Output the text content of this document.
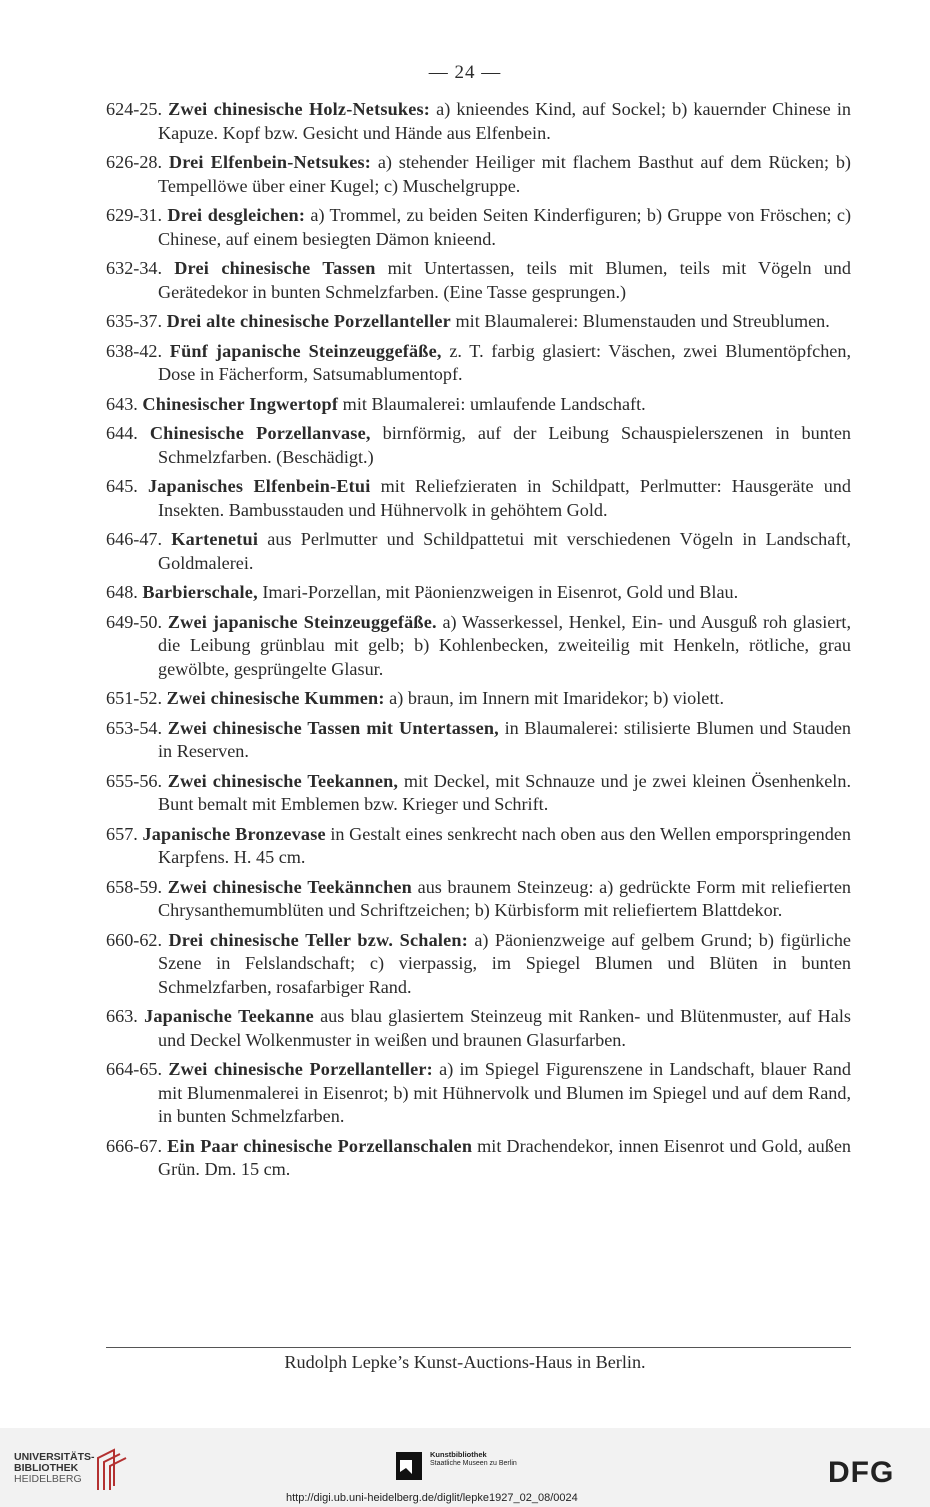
— 24 —
624-25. Zwei chinesische Holz-Netsukes: a) knieendes Kind, auf Sockel; b) kauernder Chinese in Kapuze. Kopf bzw. Gesicht und Hände aus Elfenbein.
626-28. Drei Elfenbein-Netsukes: a) stehender Heiliger mit flachem Basthut auf dem Rücken; b) Tempellöwe über einer Kugel; c) Muschelgruppe.
629-31. Drei desgleichen: a) Trommel, zu beiden Seiten Kinderfiguren; b) Gruppe von Fröschen; c) Chinese, auf einem besiegten Dämon knieend.
632-34. Drei chinesische Tassen mit Untertassen, teils mit Blumen, teils mit Vögeln und Gerätedekor in bunten Schmelzfarben. (Eine Tasse gesprungen.)
635-37. Drei alte chinesische Porzellanteller mit Blaumalerei: Blumenstauden und Streublumen.
638-42. Fünf japanische Steinzeuggefäße, z. T. farbig glasiert: Väschen, zwei Blumentöpfchen, Dose in Fächerform, Satsumablumentopf.
643. Chinesischer Ingwertopf mit Blaumalerei: umlaufende Landschaft.
644. Chinesische Porzellanvase, birnförmig, auf der Leibung Schauspielerszenen in bunten Schmelzfarben. (Beschädigt.)
645. Japanisches Elfenbein-Etui mit Reliefzieraten in Schildpatt, Perlmutter: Hausgeräte und Insekten. Bambusstauden und Hühnervolk in gehöhtem Gold.
646-47. Kartenetui aus Perlmutter und Schildpattetui mit verschiedenen Vögeln in Landschaft, Goldmalerei.
648. Barbierschale, Imari-Porzellan, mit Päonienzweigen in Eisenrot, Gold und Blau.
649-50. Zwei japanische Steinzeuggefäße. a) Wasserkessel, Henkel, Ein- und Ausguß roh glasiert, die Leibung grünblau mit gelb; b) Kohlenbecken, zweiteilig mit Henkeln, rötliche, grau gewölbte, gesprüngelte Glasur.
651-52. Zwei chinesische Kummen: a) braun, im Innern mit Imaridekor; b) violett.
653-54. Zwei chinesische Tassen mit Untertassen, in Blaumalerei: stilisierte Blumen und Stauden in Reserven.
655-56. Zwei chinesische Teekannen, mit Deckel, mit Schnauze und je zwei kleinen Ösenhenkeln. Bunt bemalt mit Emblemen bzw. Krieger und Schrift.
657. Japanische Bronzevase in Gestalt eines senkrecht nach oben aus den Wellen emporspringenden Karpfens. H. 45 cm.
658-59. Zwei chinesische Teekännchen aus braunem Steinzeug: a) gedrückte Form mit reliefierten Chrysanthemumblüten und Schriftzeichen; b) Kürbisform mit reliefiertem Blattdekor.
660-62. Drei chinesische Teller bzw. Schalen: a) Päonienzweige auf gelbem Grund; b) figürliche Szene in Felslandschaft; c) vierpassig, im Spiegel Blumen und Blüten in bunten Schmelzfarben, rosafarbiger Rand.
663. Japanische Teekanne aus blau glasiertem Steinzeug mit Ranken- und Blütenmuster, auf Hals und Deckel Wolkenmuster in weißen und braunen Glasurfarben.
664-65. Zwei chinesische Porzellanteller: a) im Spiegel Figurenszene in Landschaft, blauer Rand mit Blumenmalerei in Eisenrot; b) mit Hühnervolk und Blumen im Spiegel und auf dem Rand, in bunten Schmelzfarben.
666-67. Ein Paar chinesische Porzellanschalen mit Drachendekor, innen Eisenrot und Gold, außen Grün. Dm. 15 cm.
Rudolph Lepke’s Kunst-Auctions-Haus in Berlin.
UNIVERSITÄTS-
BIBLIOTHEK
HEIDELBERG
Kunstbibliothek
Staatliche Museen zu Berlin	DFG
http://digi.ub.uni-heidelberg.de/diglit/lepke1927_02_08/0024
